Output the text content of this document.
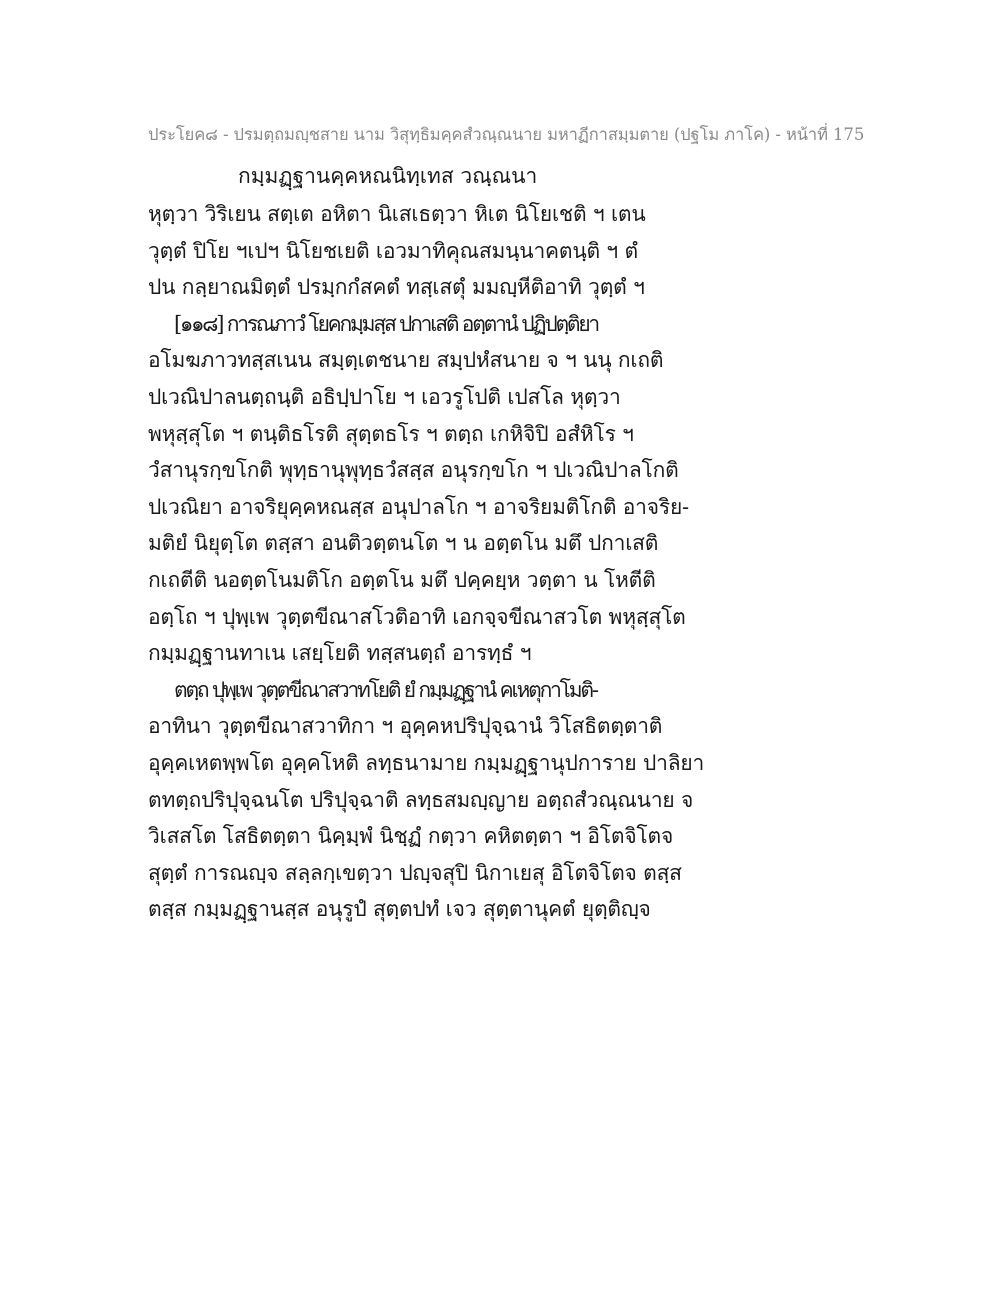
ประโยค๘ - ปรมตฺถมญฺชสาย นาม วิสุทฺธิมคฺคสํวณฺณนาย มหาฏีกาสมฺมตาย (ปฐโม ภาโค) - หน้าที่ 175
กมฺมฏฺฐานคฺคหณนิทฺเทส วณฺณนา
หุตฺวา วิริเยน สตฺเต อหิตา นิเสเธตฺวา หิเต นิโยเชติ ฯ เตน
วุตฺตํ ปิโย ฯเปฯ นิโยชเยติ เอวมาทิคุณสมนฺนาคตนฺติ ฯ ตํ
ปน กลฺยาณมิตฺตํ ปรมฺกกํสคตํ ทสฺเสตุํ มมญฺหีติอาทิ วุตฺตํ ฯ
[๑๑๘] การณภาวํ โยคกมฺมสฺส ปกาเสติ อตฺตานํ ปฏิปตฺติยา
อโมฆภาวทสฺสเนน สมฺตฺเตชนาย สมฺปหํสนาย จ ฯ นนุ กเถติ
ปเวณิปาลนตฺถนฺติ อธิปฺปาโย ฯ เอวรูโปติ เปสโล หุตฺวา
พหุสฺสุโต ฯ ตนฺติธโรติ สุตฺตธโร ฯ ตตฺถ เกหิจิปิ อสํหิโร ฯ
วํสานุรกฺขโกติ พุทฺธานุพุทฺธวํสสฺส อนุรกฺขโก ฯ ปเวณิปาลโกติ
ปเวณิยา อาจริยุคฺคหณสฺส อนุปาลโก ฯ อาจริยมติโกติ อาจริย-
มติยํ นิยุตฺโต ตสฺสา อนติวตฺตนโต ฯ น อตฺตโน มตึ ปกาเสติ
กเถตีติ นอตฺตโนมติโก อตฺตโน มตึ ปคฺคยฺห วตฺตา น โหตีติ
อตฺโถ ฯ ปุพฺเพ วุตฺตขีณาสโวติอาทิ เอกจฺจขีณาสวโต พหุสฺสุโต
กมฺมฏฺฐานทาเน เสยฺโยติ ทสฺสนตฺถํ อารทฺธํ ฯ
ตตฺถ ปุพฺเพ วุตฺตขีณาสวาทโยติ ยํ กมฺมฏฺฐานํ คเหตุกาโมติ-
อาทินา วุตฺตขีณาสวาทิกา ฯ อุคฺคหปริปุจฺฉานํ วิโสธิตตฺตาติ
อุคฺคเหตพฺพโต อุคฺคโหติ ลทฺธนามาย กมฺมฏฺฐานุปการาย ปาลิยา
ตทตฺถปริปุจฺฉนโต ปริปุจฺฉาติ ลทฺธสมญฺญาย อตฺถสํวณฺณนาย จ
วิเสสโต โสธิตตฺตา นิคฺมฺพํ นิชฺฏํ กตฺวา คหิตตฺตา ฯ อิโตจิโตจ
สุตฺตํ การณญฺจ สลฺลกฺเขตฺวา ปญฺจสุปิ นิกาเยสุ อิโตจิโตจ ตสฺส
ตสฺส กมฺมฏฺฐานสฺส อนุรูปํ สุตฺตปทํ เจว สุตฺตานุคตํ ยุตฺติญฺจ
